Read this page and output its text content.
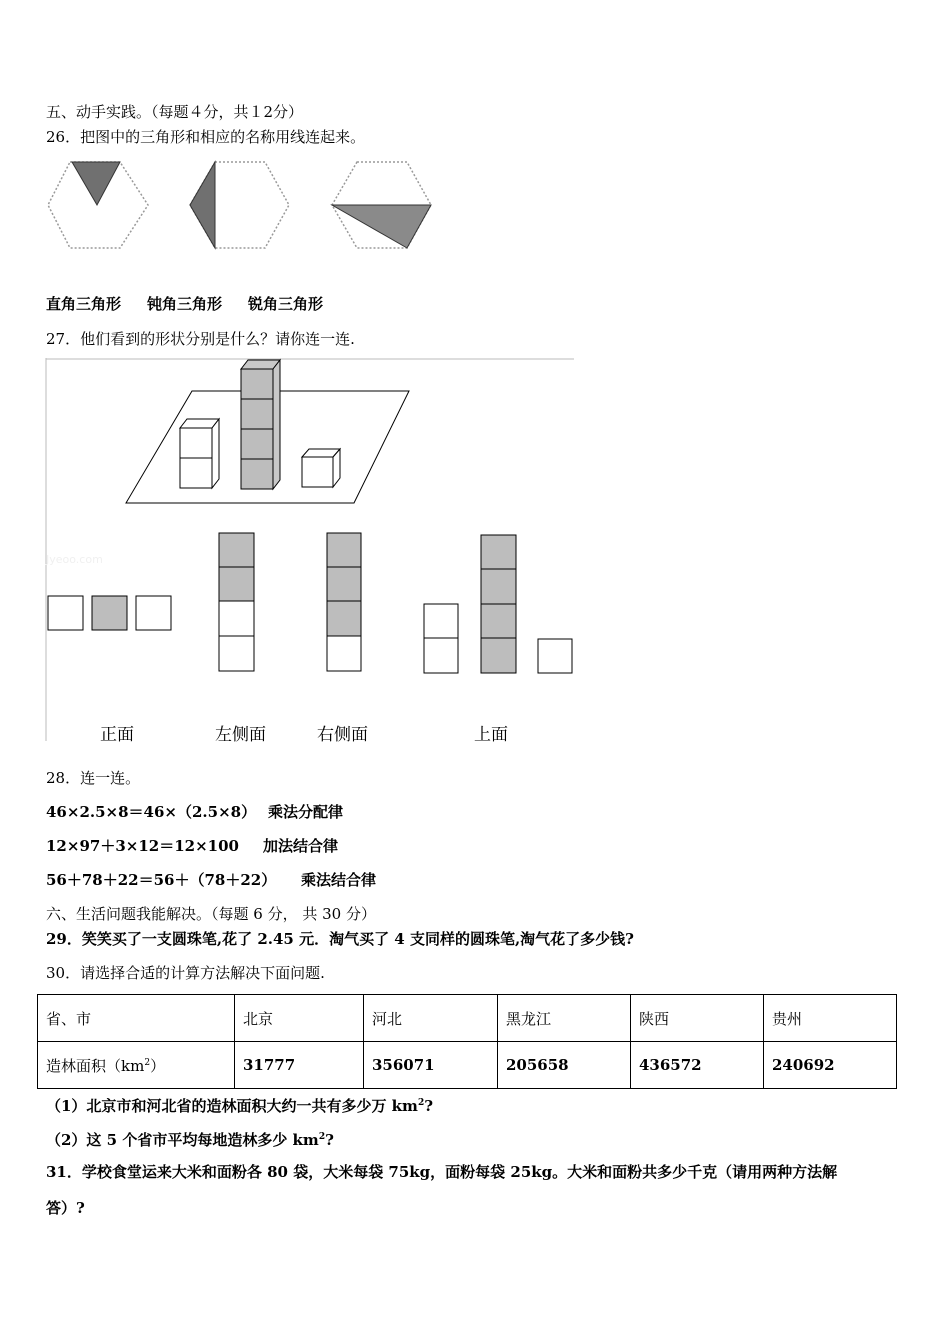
五、动手实践。（每题４分，共１2分）
26．把图中的三角形和相应的名称用线连起来。
直角三角形 钝角三角形 锐角三角形
27．他们看到的形状分别是什么？请你连一连.
Jyeoo.com
正面	左侧面	右侧面	上面
28．连一连。
46×2.5×8＝46×（2.5×8） 乘法分配律
12×97＋3×12＝12×100 加法结合律
56＋78＋22＝56＋（78＋22） 乘法结合律
六、生活问题我能解决。（每题 6 分， 共 30 分）
29．笑笑买了一支圆珠笔,花了 2.45 元．淘气买了 4 支同样的圆珠笔,淘气花了多少钱?
30．请选择合适的计算方法解决下面问题.
省、市	北京	河北	黑龙江	陕西	贵州
造林面积$(km^2)$	31777	356071	205658	436572	240692
（1）北京市和河北省的造林面积大约一共有多少万 $km^2$?
（2）这 5 个省市平均每地造林多少 $km^2$?
31．学校食堂运来大米和面粉各 80 袋，大米每袋 75kg，面粉每袋 25kg。大米和面粉共多少千克（请用两种方法解
答）?
